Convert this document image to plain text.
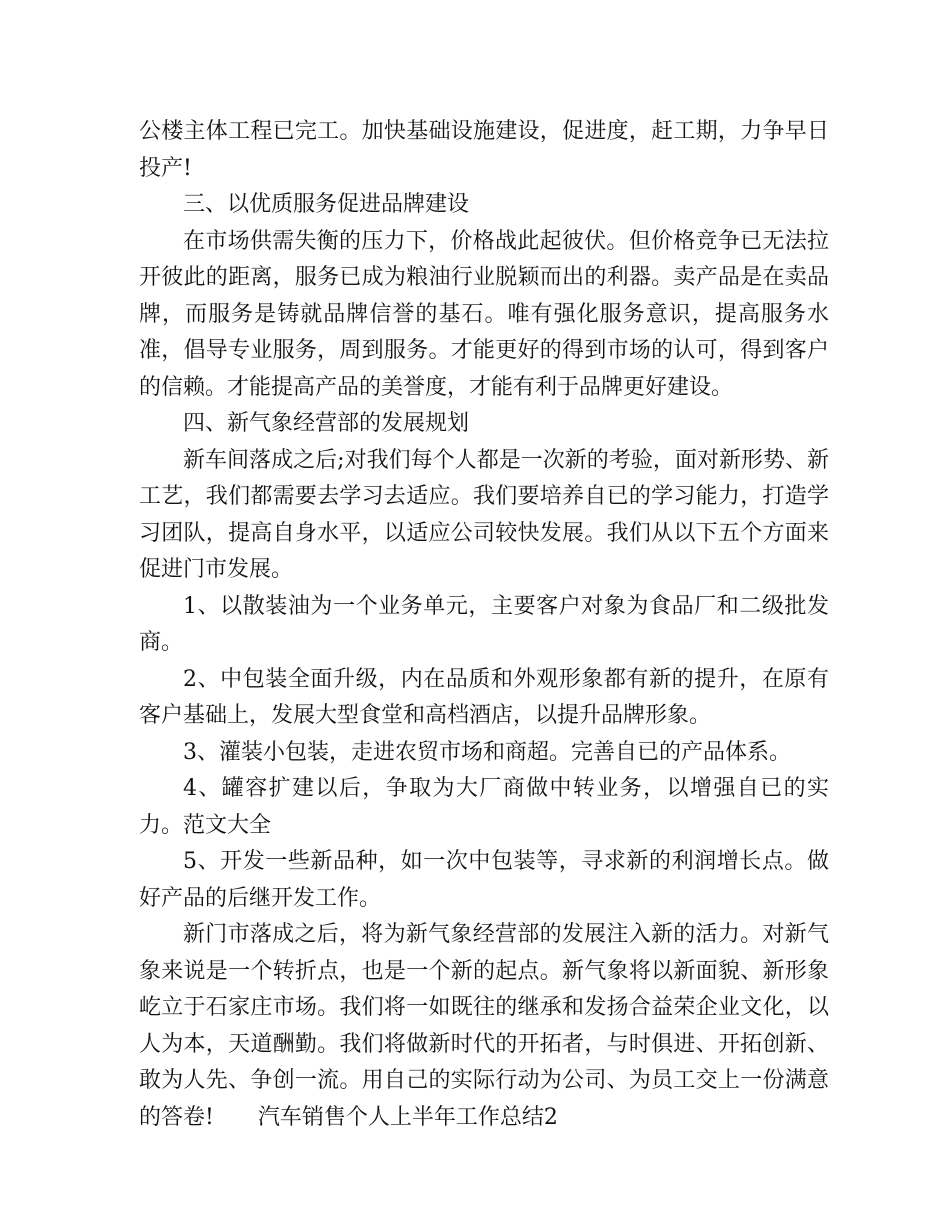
公楼主体工程已完工。加快基础设施建设，促进度，赶工期，力争早日投产!

三、以优质服务促进品牌建设

在市场供需失衡的压力下，价格战此起彼伏。但价格竞争已无法拉开彼此的距离，服务已成为粮油行业脱颖而出的利器。卖产品是在卖品牌，而服务是铸就品牌信誉的基石。唯有强化服务意识，提高服务水准，倡导专业服务，周到服务。才能更好的得到市场的认可，得到客户的信赖。才能提高产品的美誉度，才能有利于品牌更好建设。

四、新气象经营部的发展规划

新车间落成之后;对我们每个人都是一次新的考验，面对新形势、新工艺，我们都需要去学习去适应。我们要培养自已的学习能力，打造学习团队，提高自身水平，以适应公司较快发展。我们从以下五个方面来促进门市发展。

1、以散装油为一个业务单元，主要客户对象为食品厂和二级批发商。

2、中包装全面升级，内在品质和外观形象都有新的提升，在原有客户基础上，发展大型食堂和高档酒店，以提升品牌形象。

3、灌装小包装，走进农贸市场和商超。完善自已的产品体系。

4、罐容扩建以后，争取为大厂商做中转业务，以增强自已的实力。范文大全

5、开发一些新品种，如一次中包装等，寻求新的利润增长点。做好产品的后继开发工作。

新门市落成之后，将为新气象经营部的发展注入新的活力。对新气象来说是一个转折点，也是一个新的起点。新气象将以新面貌、新形象屹立于石家庄市场。我们将一如既往的继承和发扬合益荣企业文化，以人为本，天道酬勤。我们将做新时代的开拓者，与时俱进、开拓创新、敢为人先、争创一流。用自己的实际行动为公司、为员工交上一份满意的答卷!　　汽车销售个人上半年工作总结2
